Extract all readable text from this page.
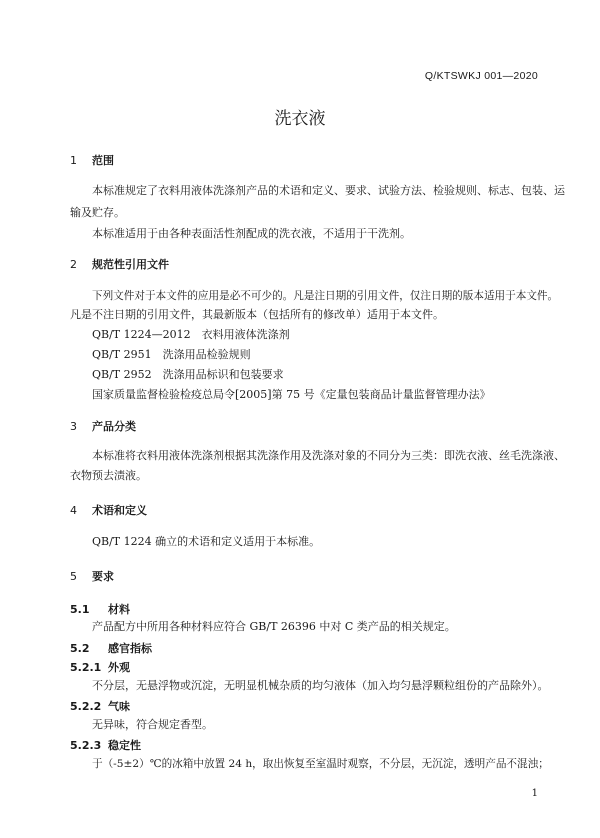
Q/KTSWKJ 001—2020
洗衣液
1 范围
本标准规定了衣料用液体洗涤剂产品的术语和定义、要求、试验方法、检验规则、标志、包装、运
输及贮存。
本标准适用于由各种表面活性剂配成的洗衣液，不适用于干洗剂。
2 规范性引用文件
下列文件对于本文件的应用是必不可少的。凡是注日期的引用文件，仅注日期的版本适用于本文件。
凡是不注日期的引用文件，其最新版本（包括所有的修改单）适用于本文件。
QB/T 1224—2012　衣料用液体洗涤剂
QB/T 2951　洗涤用品检验规则
QB/T 2952　洗涤用品标识和包装要求
国家质量监督检验检疫总局令[2005]第 75 号《定量包装商品计量监督管理办法》
3 产品分类
本标准将衣料用液体洗涤剂根据其洗涤作用及洗涤对象的不同分为三类：即洗衣液、丝毛洗涤液、
衣物预去渍液。
4 术语和定义
QB/T 1224 确立的术语和定义适用于本标准。
5 要求
5.1 材料
产品配方中所用各种材料应符合 GB/T 26396 中对 C 类产品的相关规定。
5.2 感官指标
5.2.1 外观
不分层，无悬浮物或沉淀，无明显机械杂质的均匀液体（加入均匀悬浮颗粒组份的产品除外）。
5.2.2 气味
无异味，符合规定香型。
5.2.3 稳定性
于（-5±2）℃的冰箱中放置 24 h，取出恢复至室温时观察，不分层，无沉淀，透明产品不混浊；
1
